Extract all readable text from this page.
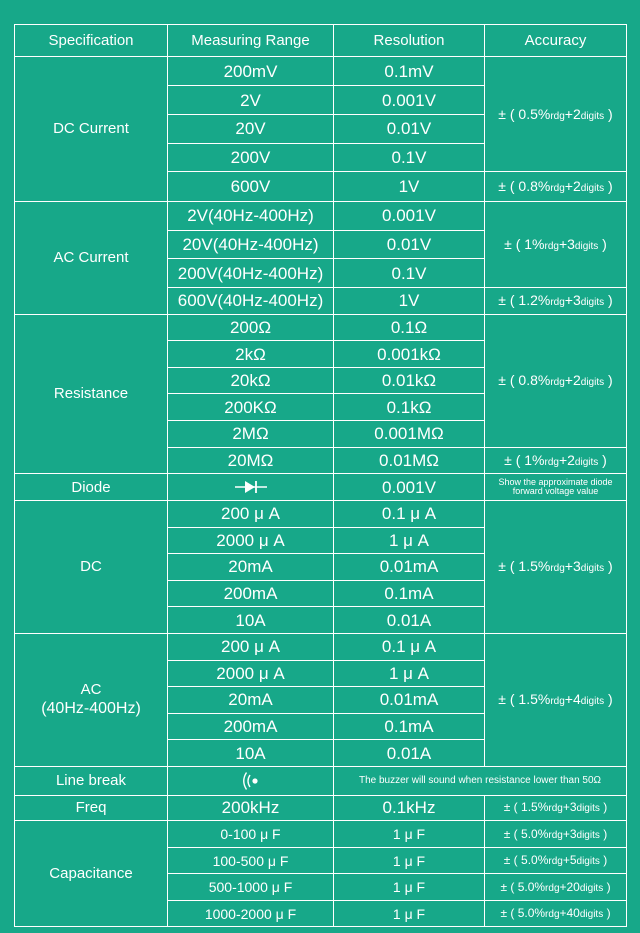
Specification	Measuring Range	Resolution	Accuracy
DC Current	200mV	0.1mV	± ( 0.5%rdg+2digits )
	2V	0.001V	
	20V	0.01V	
	200V	0.1V	
	600V	1V	± ( 0.8%rdg+2digits )
AC Current	2V(40Hz-400Hz)	0.001V	± ( 1%rdg+3digits )
	20V(40Hz-400Hz)	0.01V	
	200V(40Hz-400Hz)	0.1V	
	600V(40Hz-400Hz)	1V	± ( 1.2%rdg+3digits )
Resistance	200Ω	0.1Ω	± ( 0.8%rdg+2digits )
	2kΩ	0.001kΩ	
	20kΩ	0.01kΩ	
	200KΩ	0.1kΩ	
	2MΩ	0.001MΩ	
	20MΩ	0.01MΩ	± ( 1%rdg+2digits )
Diode		0.001V	Show the approximate diode
forward voltage value
DC	200 μ A	0.1 μ A	± ( 1.5%rdg+3digits )
	2000 μ A	1 μ A	
	20mA	0.01mA	
	200mA	0.1mA	
	10A	0.01A	
AC
(40Hz-400Hz)	200 μ A	0.1 μ A	± ( 1.5%rdg+4digits )
	2000 μ A	1 μ A	
	20mA	0.01mA	
	200mA	0.1mA	
	10A	0.01A	
Line break		The buzzer will sound when resistance lower than 50Ω	
Freq	200kHz	0.1kHz	± ( 1.5%rdg+3digits )
Capacitance	0-100 μ F	1 μ F	± ( 5.0%rdg+3digits )
	100-500 μ F	1 μ F	± ( 5.0%rdg+5digits )
	500-1000 μ F	1 μ F	± ( 5.0%rdg+20digits )
	1000-2000 μ F	1 μ F	± ( 5.0%rdg+40digits )
